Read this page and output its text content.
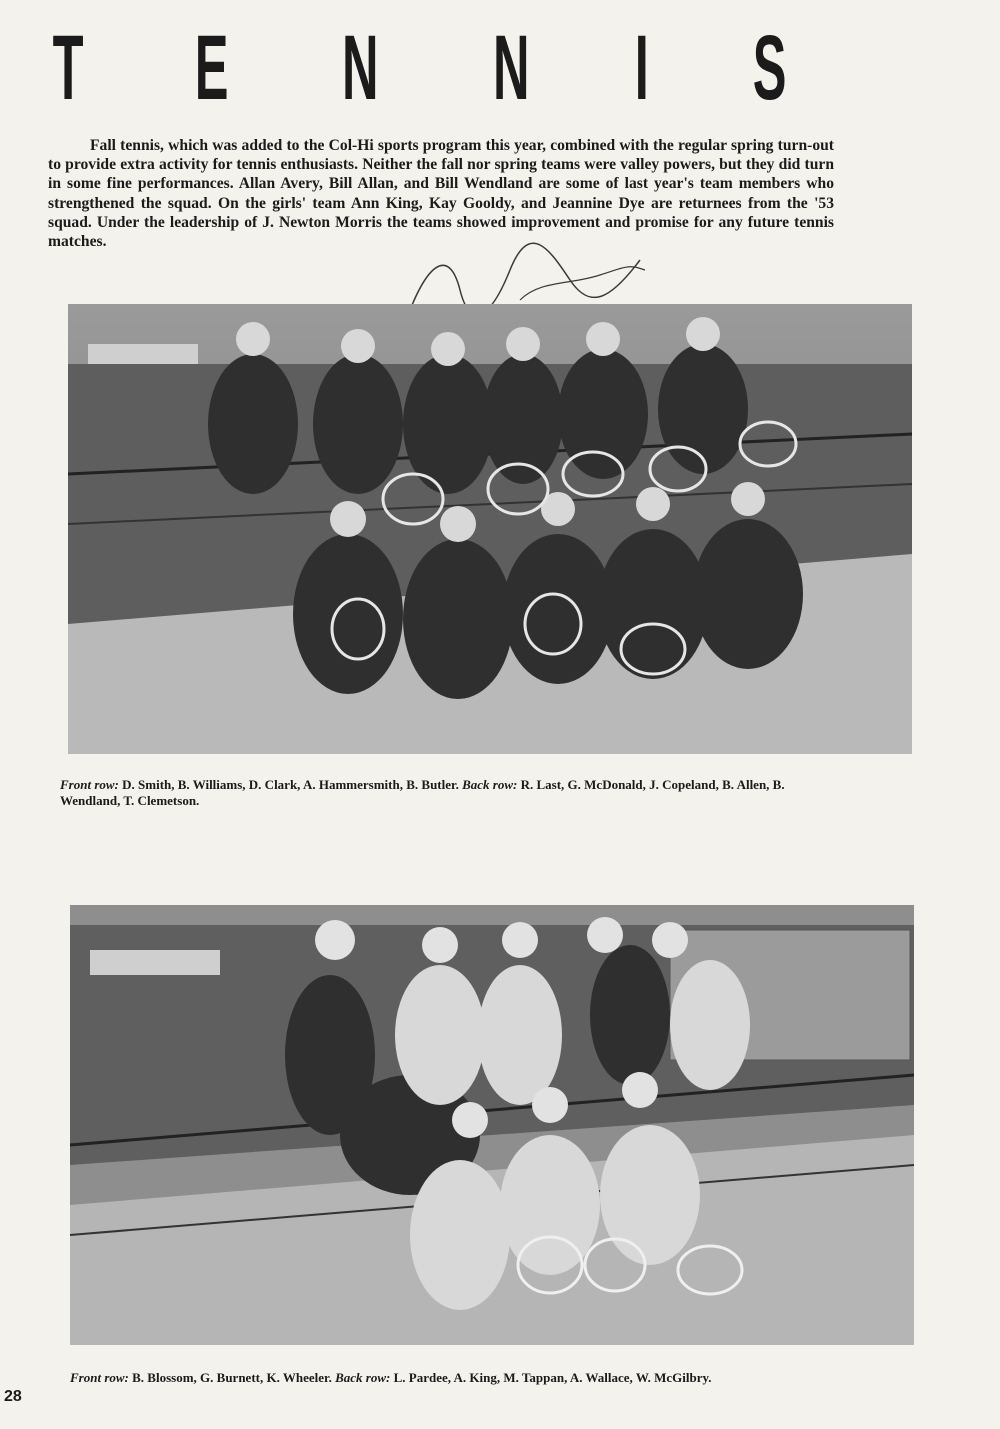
T E N N I S

Fall tennis, which was added to the Col-Hi sports program this year, combined with the regular spring turn-out to provide extra activity for tennis enthusiasts. Neither the fall nor spring teams were valley powers, but they did turn in some fine performances. Allan Avery, Bill Allan, and Bill Wendland are some of last year's team members who strengthened the squad. On the girls' team Ann King, Kay Gooldy, and Jeannine Dye are returnees from the '53 squad. Under the leadership of J. Newton Morris the teams showed improvement and promise for any future tennis matches.

Front row: D. Smith, B. Williams, D. Clark, A. Hammersmith, B. Butler. Back row: R. Last, G. McDonald, J. Copeland, B. Allen, B. Wendland, T. Clemetson.

Front row: B. Blossom, G. Burnett, K. Wheeler. Back row: L. Pardee, A. King, M. Tappan, A. Wallace, W. McGilbry.

28
